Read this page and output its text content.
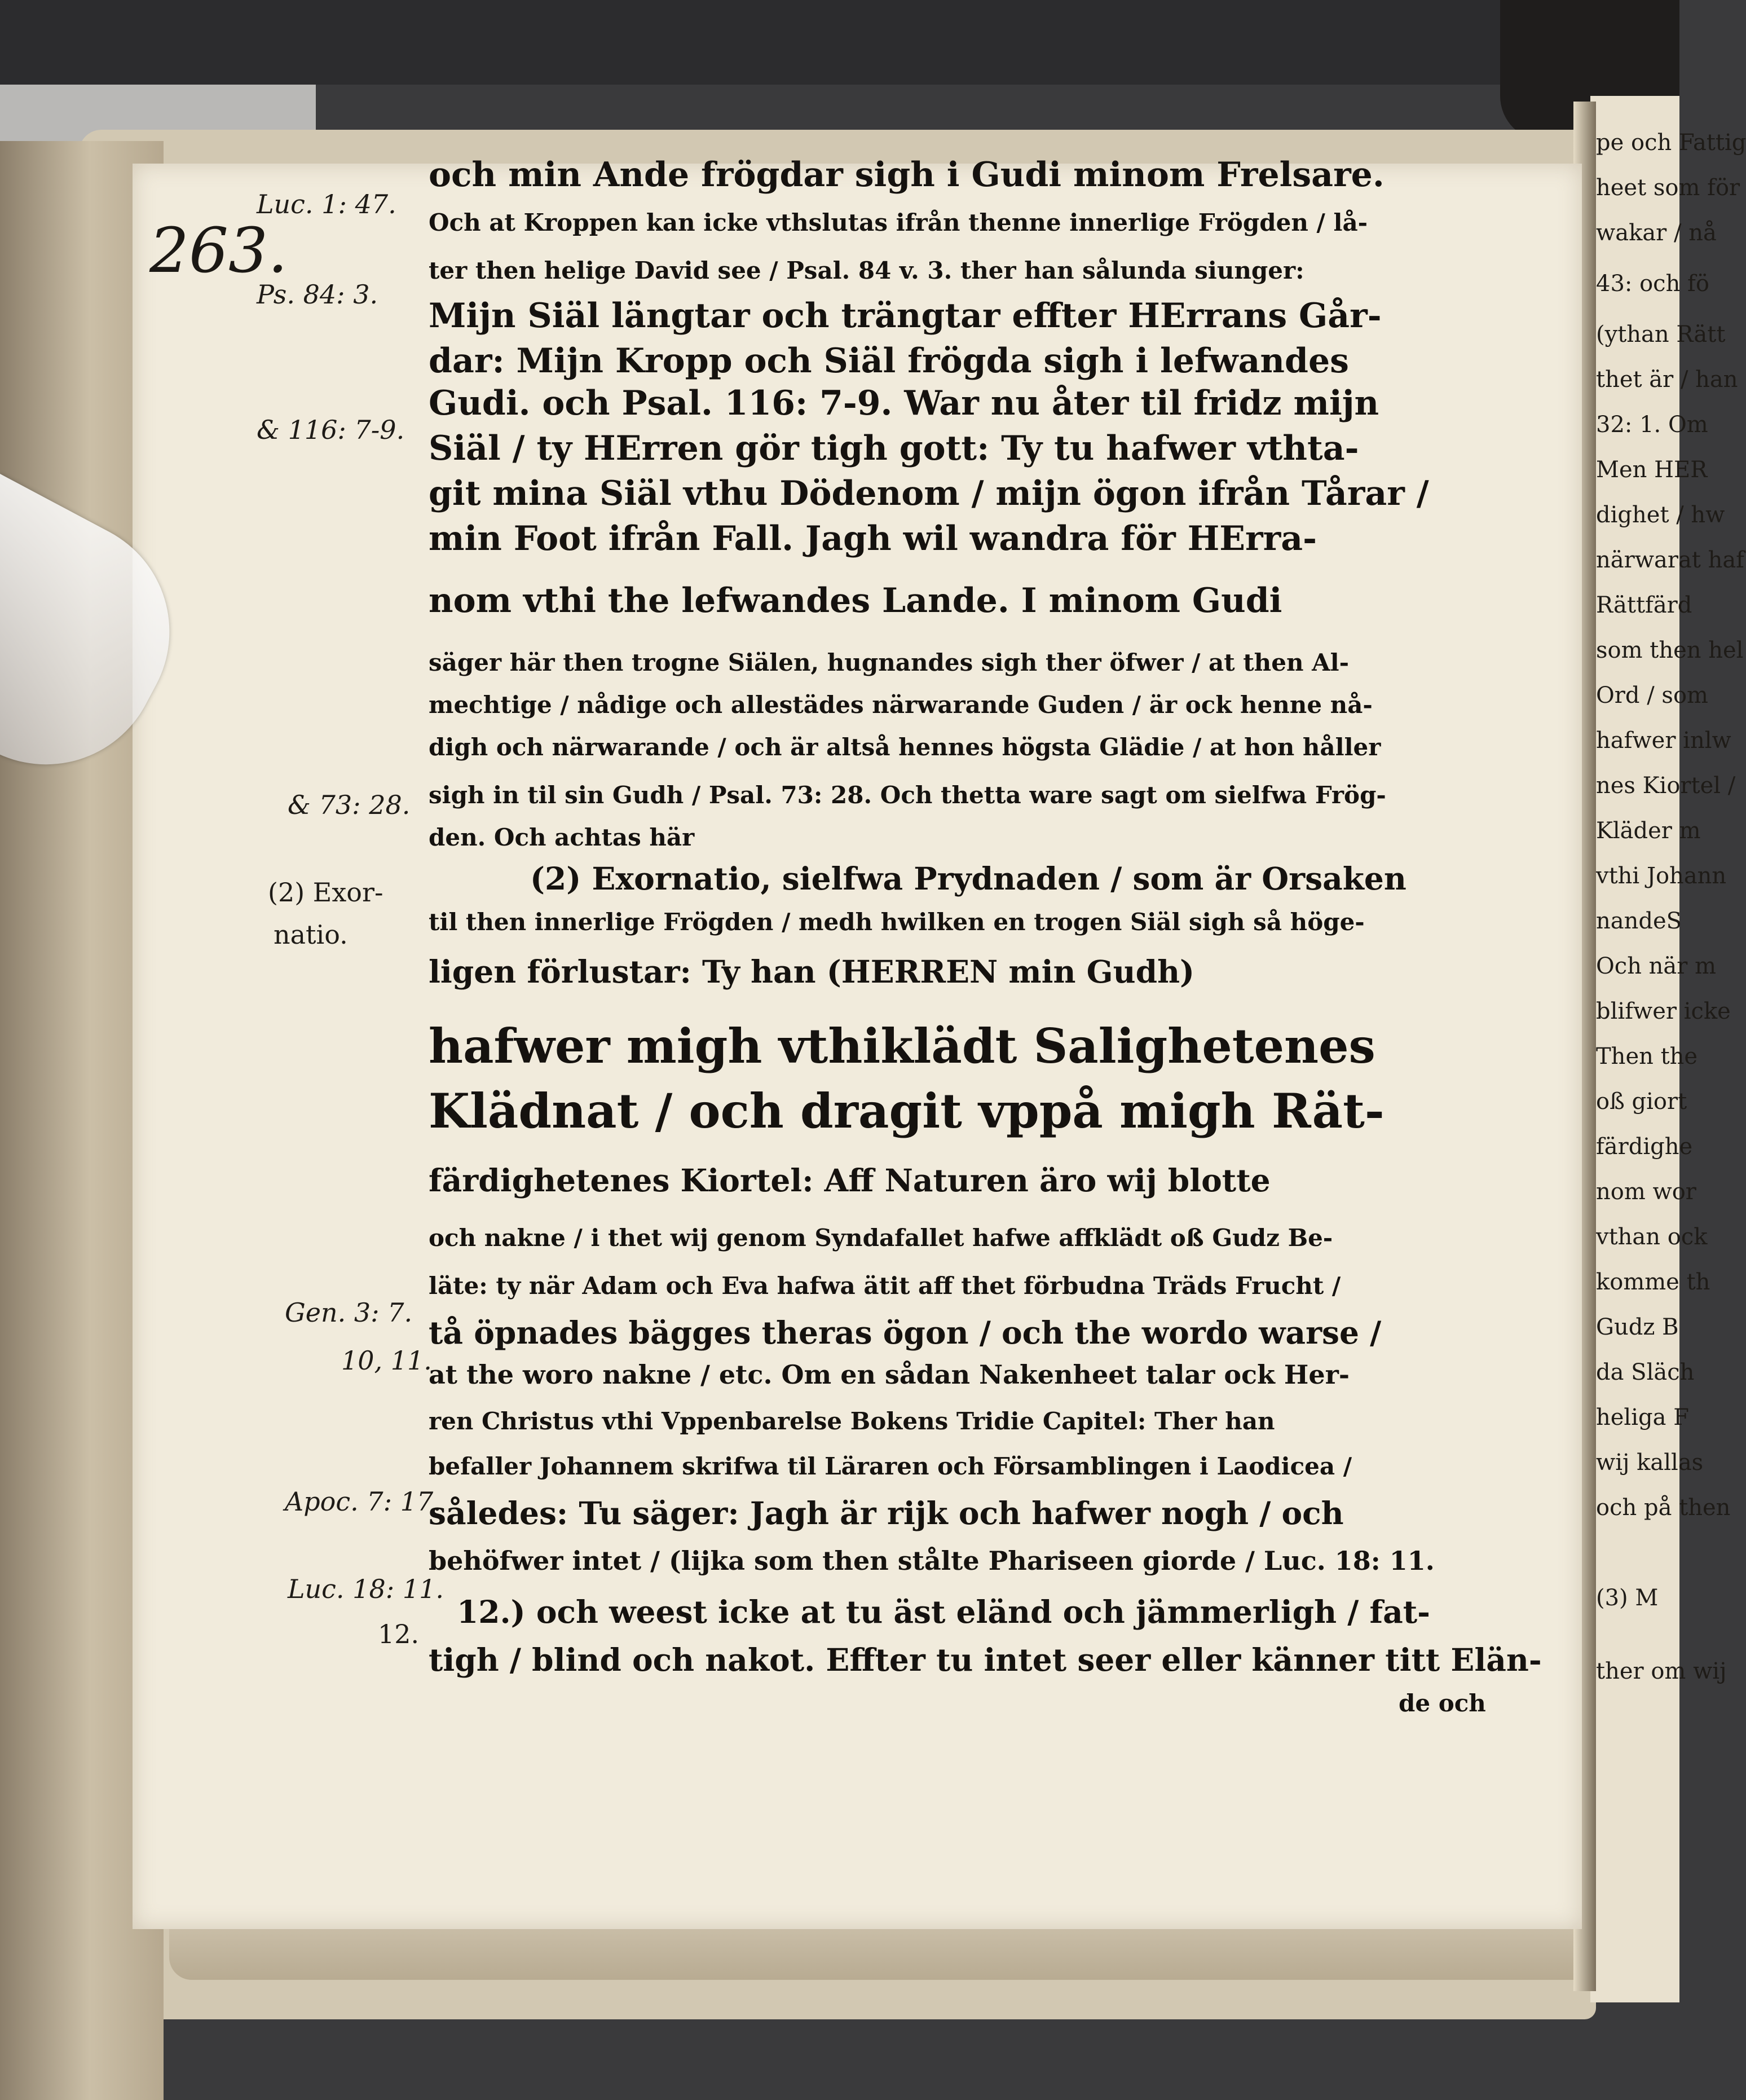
pe och Fattig
heet som för
wakar / nå
43: och fö
(ythan Rätt
thet är / han
32: 1. Om
Men HER
dighet / hw
närwarat haf
Rättfärd
som then hel
Ord / som
hafwer inlw
nes Kiortel /
Kläder m
vthi Johann
nandeS
Och när m
blifwer icke
Then the
oß giort
färdighe
nom wor
vthan ock
komme th
Gudz B
da Släch
heliga F
wij kallas
och på then
(3) M
ther om wij
263.
Luc. 1: 47.
Ps. 84: 3.
& 116: 7-9.
& 73: 28.
(2) Exor-
natio.
Gen. 3: 7.
10, 11.
Apoc. 7: 17.
Luc. 18: 11.
12.
och min Ande frögdar sigh i Gudi minom Frelsare.
Och at Kroppen kan icke vthslutas ifrån thenne innerlige Frögden / lå-
ter then helige David see / Psal. 84 v. 3. ther han sålunda siunger:
Mijn Siäl längtar och trängtar effter HErrans Går-
dar: Mijn Kropp och Siäl frögda sigh i lefwandes
Gudi. och Psal. 116: 7-9. War nu åter til fridz mijn
Siäl / ty HErren gör tigh gott: Ty tu hafwer vthta-
git mina Siäl vthu Dödenom / mijn ögon ifrån Tårar /
min Foot ifrån Fall. Jagh wil wandra för HErra-
nom vthi the lefwandes Lande. I minom Gudi
säger här then trogne Siälen, hugnandes sigh ther öfwer / at then Al-
mechtige / nådige och allestädes närwarande Guden / är ock henne nå-
digh och närwarande / och är altså hennes högsta Glädie / at hon håller
sigh in til sin Gudh / Psal. 73: 28. Och thetta ware sagt om sielfwa Frög-
den. Och achtas här
(2) Exornatio, sielfwa Prydnaden / som är Orsaken
til then innerlige Frögden / medh hwilken en trogen Siäl sigh så höge-
ligen förlustar: Ty han (HERREN min Gudh)
hafwer migh vthiklädt Salighetenes
Klädnat / och dragit vppå migh Rät-
färdighetenes Kiortel: Aff Naturen äro wij blotte
och nakne / i thet wij genom Syndafallet hafwe affklädt oß Gudz Be-
läte: ty när Adam och Eva hafwa ätit aff thet förbudna Träds Frucht /
tå öpnades bägges theras ögon / och the wordo warse /
at the woro nakne / etc. Om en sådan Nakenheet talar ock Her-
ren Christus vthi Vppenbarelse Bokens Tridie Capitel: Ther han
befaller Johannem skrifwa til Läraren och Församblingen i Laodicea /
således: Tu säger: Jagh är rijk och hafwer nogh / och
behöfwer intet / (lijka som then stålte Phariseen giorde / Luc. 18: 11.
12.) och weest icke at tu äst eländ och jämmerligh / fat-
tigh / blind och nakot. Effter tu intet seer eller känner titt Elän-
de och
